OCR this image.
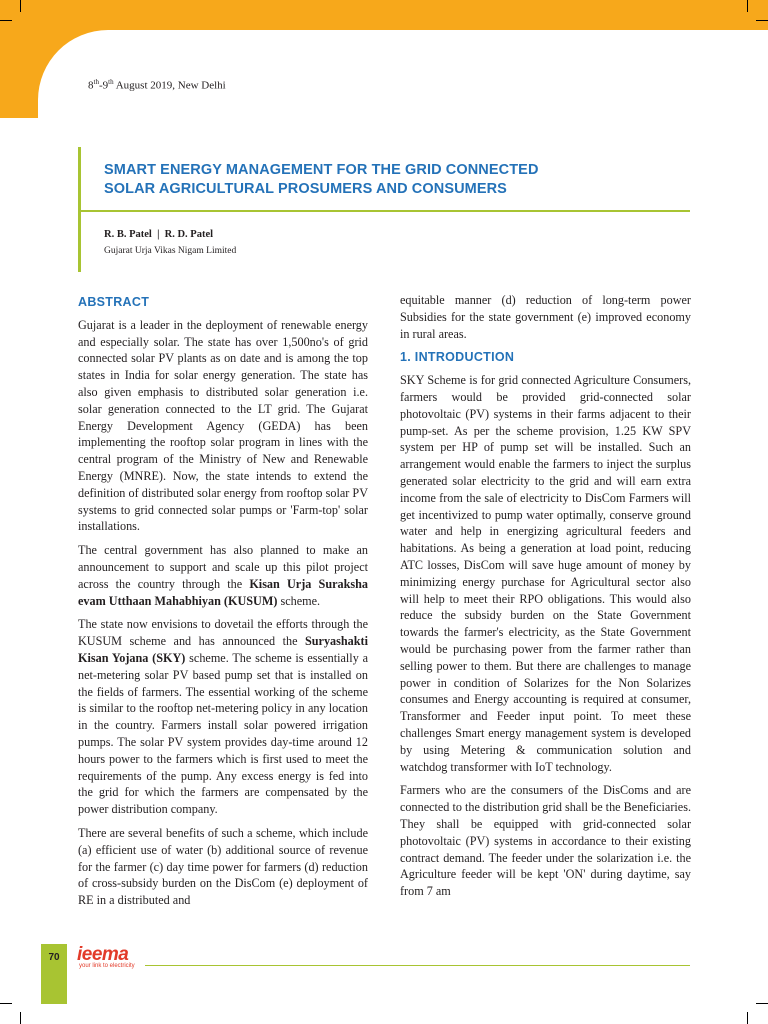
8th-9th August 2019, New Delhi
SMART ENERGY MANAGEMENT FOR THE GRID CONNECTED
SOLAR AGRICULTURAL PROSUMERS AND CONSUMERS
R. B. Patel  |  R. D. Patel
Gujarat Urja Vikas Nigam Limited
ABSTRACT

Gujarat is a leader in the deployment of renewable energy and especially solar. The state has over 1,500no's of grid connected solar PV plants as on date and is among the top states in India for solar energy generation. The state has also given emphasis to distributed solar generation i.e. solar generation connected to the LT grid. The Gujarat Energy Development Agency (GEDA) has been implementing the rooftop solar program in lines with the central program of the Ministry of New and Renewable Energy (MNRE). Now, the state intends to extend the definition of distributed solar energy from rooftop solar PV systems to grid connected solar pumps or 'Farm-top' solar installations.

The central government has also planned to make an announcement to support and scale up this pilot project across the country through the Kisan Urja Suraksha evam Utthaan Mahabhiyan (KUSUM) scheme.

The state now envisions to dovetail the efforts through the KUSUM scheme and has announced the Suryashakti Kisan Yojana (SKY) scheme. The scheme is essentially a net-metering solar PV based pump set that is installed on the fields of farmers. The essential working of the scheme is similar to the rooftop net-metering policy in any location in the country. Farmers install solar powered irrigation pumps. The solar PV system provides day-time around 12 hours power to the farmers which is first used to meet the requirements of the pump. Any excess energy is fed into the grid for which the farmers are compensated by the power distribution company.

There are several benefits of such a scheme, which include (a) efficient use of water (b) additional source of revenue for the farmer (c) day time power for farmers (d) reduction of cross-subsidy burden on the DisCom (e) deployment of RE in a distributed and

equitable manner (d) reduction of long-term power Subsidies for the state government (e) improved economy in rural areas.

1. INTRODUCTION

SKY Scheme is for grid connected Agriculture Consumers, farmers would be provided grid-connected solar photovoltaic (PV) systems in their farms adjacent to their pump-set. As per the scheme provision, 1.25 KW SPV system per HP of pump set will be installed. Such an arrangement would enable the farmers to inject the surplus generated solar electricity to the grid and will earn extra income from the sale of electricity to DisCom Farmers will get incentivized to pump water optimally, conserve ground water and help in energizing agricultural feeders and habitations. As being a generation at load point, reducing ATC losses, DisCom will save huge amount of money by minimizing energy purchase for Agricultural sector also will help to meet their RPO obligations. This would also reduce the subsidy burden on the State Government towards the farmer's electricity, as the State Government would be purchasing power from the farmer rather than selling power to them. But there are challenges to manage power in condition of Solarizes for the Non Solarizes consumes and Energy accounting is required at consumer, Transformer and Feeder input point. To meet these challenges Smart energy management system is developed by using Metering & communication solution and watchdog transformer with IoT technology.

Farmers who are the consumers of the DisComs and are connected to the distribution grid shall be the Beneficiaries. They shall be equipped with grid-connected solar photovoltaic (PV) systems in accordance to their existing contract demand. The feeder under the solarization i.e. the Agriculture feeder will be kept 'ON' during daytime, say from 7 am

70 ieema
your link to electricity
